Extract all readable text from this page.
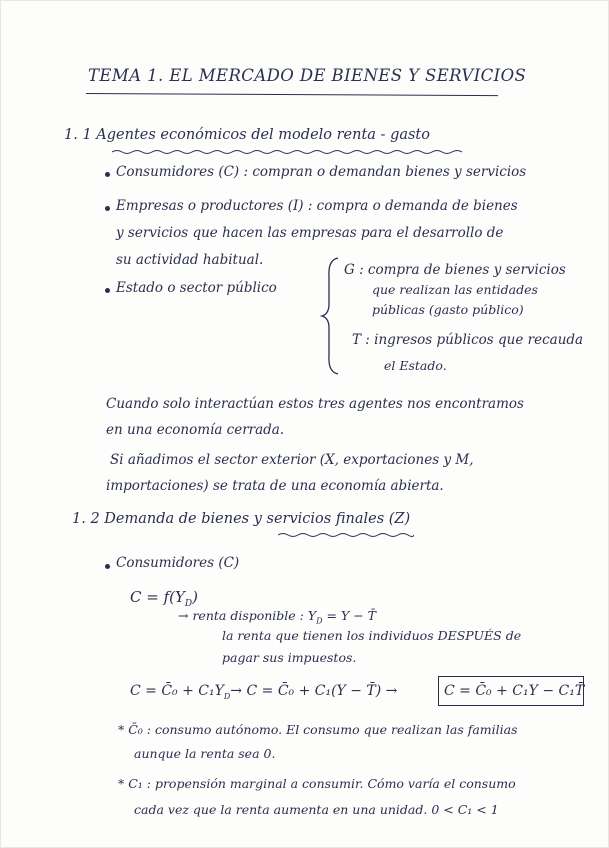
TEMA 1. EL MERCADO DE BIENES Y SERVICIOS
1. 1 Agentes económicos del modelo renta - gasto
Consumidores (C) : compran o demandan bienes y servicios
Empresas o productores (I) : compra o demanda de bienes
y servicios que hacen las empresas para el desarrollo de
su actividad habitual.
Estado o sector público
G : compra de bienes y servicios
que realizan las entidades
públicas (gasto público)
T : ingresos públicos que recauda
el Estado.
Cuando solo interactúan estos tres agentes nos encontramos
en una economía cerrada.
Si añadimos el sector exterior (X, exportaciones y M,
importaciones) se trata de una economía abierta.
1. 2 Demanda de bienes y servicios finales (Z)
Consumidores (C)
$C = f(Y_D)$
→ renta disponible : $Y_D = Y$ − T̄
la renta que tienen los individuos DESPUÉS de
pagar sus impuestos.
C = C̄₀ + $C_1Y_D\to C$ = C̄₀ + C₁(Y − T̄) →	C = C̄₀ + C₁Y − C₁T̄
* C̄₀ : consumo autónomo. El consumo que realizan las familias
aunque la renta sea 0.
* C₁ : propensión marginal a consumir. Cómo varía el consumo
cada vez que la renta aumenta en una unidad. 0 < C₁ < 1
